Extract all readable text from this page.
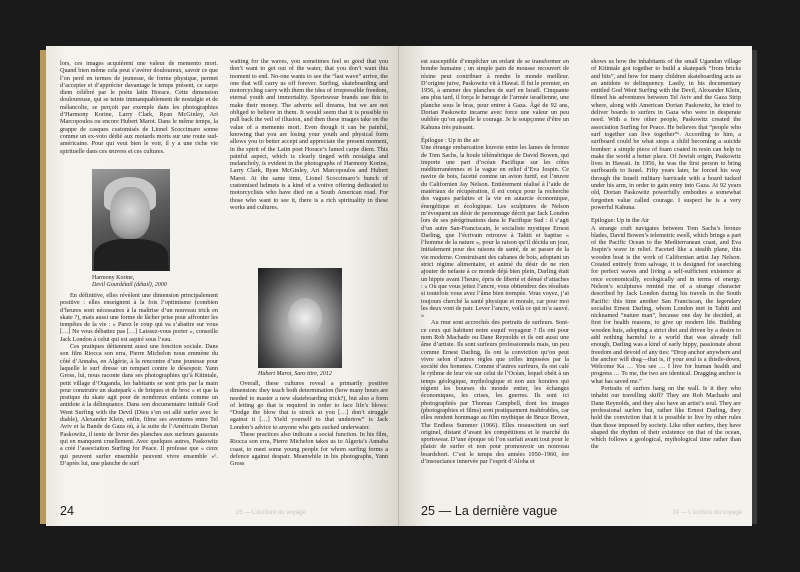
lors, ces images acquièrent une valeur de memento mori. Quand bien même cela peut s’avérer douloureux, savoir ce que l’on perd en termes de jeunesse, de forme physique, permet d’accepter et d’apprécier davantage le temps présent, ce carpe diem célébré par le poète latin Horace. Cette dimension douloureuse, qui se teinte immanquablement de nostalgie et de mélancolie, se perçoit par exemple dans les photographies d’Harmony Korine, Larry Clark, Ryan McGinley, Ari Marcopoulos ou encore Hubert Marot. Dans le même temps, la grappe de casques customisés de Lionel Scoccimaro sonne comme un ex-voto dédié aux motards morts sur une route sud-américaine. Pour qui veut bien le voir, il y a une riche vie spirituelle dans ces œuvres et ces cultures.

Harmony Korine,
Devil Gourdétail (détail), 2000

En définitive, elles révèlent une dimension principalement positive : elles enseignent à la fois l’optimisme (combien d’heures sont nécessaires à la maîtrise d’un nouveau trick en skate ?), mais aussi une forme de lâcher prise pour affronter les tempêtes de la vie : « Parez le coup qui va s’abattre sur vous […] Ne vous débattez pas […] Laissez-vous porter », conseille Jack London à celui qui est aspiré sous l’eau.

Ces pratiques détiennent aussi une fonction sociale. Dans son film Riocca son erra, Pierre Michelon nous emmène du côté d’Annaba, en Algérie, à la rencontre d’une jeunesse pour laquelle le surf dresse un rempart contre le désespoir. Yann Gross, lui, nous raconte dans ses photographies qu’à Kitintale, petit village d’Ouganda, les habitants se sont pris par la main pour construire un skatepark « de briques et de broc » et que la pratique du skate agit pour de nombreux enfants comme un antidote à la délinquance. Dans son documentaire intitulé God Went Surfing with the Devil (Dieu s’en est allé surfer avec le diable), Alexander Klein, enfin, filme ses aventures entre Tel Aviv et la Bande de Gaza où, à la suite de l’Américain Dorian Paskowitz, il tente de livrer des planches aux surfeurs gazaouis qui en manquent cruellement. Avec quelques autres, Paskowitz a créé l’association Surfing for Peace. Il professe que « ceux qui peuvent surfer ensemble peuvent vivre ensemble »⁶. D’après lui, une planche de surf

waiting for the waves, you sometimes feel so good that you don’t want to get out of the water, that you don’t want this moment to end. No-one wants to see the “last wave” arrive, the one that will carry us off forever. Surfing, skateboarding and motorcycling carry with them the idea of irrepressible freedom, eternal youth and immortality. Sportswear brands use this to make their money. The adverts sell dreams, but we are not obliged to believe in them. It would seem that it is possible to pull back the veil of illusion, and then these images take on the value of a memento mori. Even though it can be painful, knowing that you are losing your youth and physical form allows you to better accept and appreciate the present moment, in the spirit of the Latin poet Horace’s famed carpe diem. This painful aspect, which is clearly tinged with nostalgia and melancholy, is evident in the photographs of Harmony Korine, Larry Clark, Ryan McGinley, Ari Marcopoulos and Hubert Marot. At the same time, Lionel Scoccimaro’s bunch of customised helmets is a kind of a votive offering dedicated to motorcyclists who have died on a South American road. For those who want to see it, there is a rich spirituality in these works and cultures.

Hubert Marot, Sans titre, 2012

Overall, these cultures reveal a primarily positive dimension: they teach both determination (how many hours are needed to master a new skateboarding trick?), but also a form of letting go that is required in order to face life’s blows: “Dodge the blow that is struck at you […] don’t struggle against it […] Yield yourself to that undertow” is Jack London’s advice to anyone who gets sucked underwater.

These practices also indicate a social function. In his film, Riocca son erra, Pierre Michelon takes us to Algeria’s Annaba coast, to meet some young people for whom surfing forms a defence against despair. Meanwhile in his photographs, Yann Gross

24	25 — L’écriture du voyage

est susceptible d’empêcher un enfant de se transformer en bombe humaine ; un simple pain de mousse recouvert de résine peut contribuer à rendre le monde meilleur. D’origine juive, Paskowitz vit à Hawaï. Il fut le premier, en 1956, à amener des planches de surf en Israël. Cinquante ans plus tard, il força le barrage de l’armée israélienne, une planche sous le bras, pour entrer à Gaza. Âgé de 92 ans, Dorian Paskowitz incarne avec force une valeur un peu oubliée qu’on appelle le courage. Je le soupçonne d’être un Kahuna très puissant.

Épilogue : Up in the air

Une étrange embarcation louvoie entre les lames de bronze de Tom Sachs, la houle télémétrique de David Bowen, qui importe une part d’océan Pacifique sur les côtes méditerranéennes et la vague en relief d’Eva Jospin. Ce navire de bois, facetté comme un avion furtif, est l’œuvre du Californien Jay Nelson. Entièrement réalisé à l’aide de matériaux de récupération, il est conçu pour la recherche des vagues parfaites et la vie en autarcie économique, énergétique et écologique. Les sculptures de Nelson m’évoquent un désir de personnage décrit par Jack London lors de ses pérégrinations dans le Pacifique Sud : il s’agit d’un autre San-Franciscain, le socialiste mystique Ernest Darling, que l’écrivain retrouve à Tahiti et baptise « l’homme de la nature », pour la raison qu’il décida un jour, initialement pour des raisons de santé, de se passer de la vie moderne. Construisant des cabanes de bois, adoptant un strict régime alimentaire, et animé du désir de ne rien ajouter de nefaste à ce monde déjà bien plein, Darling était un hippie avant l’heure, épris de liberté et dénué d’attaches : « Où que vous jetiez l’ancre, vous obtiendrez des résultats si toutefois vous avez l’âme bien trempée. Vous voyez, j’ai toujours cherché la santé physique et morale, car pour moi les deux vont de pair. Lever l’ancre, voilà ce qui m’a sauvé. »

Au rnur sont accrochés des portraits de surfeurs. Sont-ce ceux qui habitent notre esquif voyageur ? Ils ont pour nom Rob Machado ou Dane Reynolds et ils ont aussi une âme d’artiste. Ils sont surfeurs professionnels mais, un peu comme Ernest Darling, ils ont la conviction qu’on peut vivre selon d’autres règles que celles imposées par la société des hommes. Comme d’autres surfeurs, ils ont calé le rythme de leur vie sur celui de l’Océan, lequel obéit à un temps géologique, mythologique et non aux horaires qui régient les bourses du monde entier, les échanges économiques, les crises, les guerres. Ils sont ici photographiés par Thomas Campbell, dont les images (photographies et films) sont pratiquement inaltérables, car elles rendent hommage au film mythique de Bruce Brown, The Endless Summer (1966). Elles ressuscitent un surf originel, distant d’avant les compétitions et le marché du sportswear. D’une époque où l’on surfait avant tout pour le plaisir de surfer et non pour promouvoir un nouveau boardshort. C’est le temps des années 1950–1960, ère d’insouciance innervée par l’esprit d’Aloha et

shows us how the inhabitants of the small Ugandan village of Kitintale got together to build a skatepark “from bricks and bits”, and how for many children skateboarding acts as an antidote to delinquency. Lastly, in his documentary entitled God Went Surfing with the Devil, Alexander Klein, filmed his adventures between Tel Aviv and the Gaza Strip where, along with American Dorian Paskowitz, he tried to deliver boards to surfers in Gaza who were in desperate need. With a few other people, Paskowitz created the association Surfing for Peace. He believes that “people who surf together can live together”⁶. According to him, a surfboard could be what stops a child becoming a suicide bomber: a simple piece of foam coated in resin can help to make the world a better place. Of Jewish origin, Paskowitz lives in Hawaii. In 1956, he was the first person to bring surfboards to Israel. Fifty years later, he forced his way through the Israeli military barricade with a board tucked under his arm, in order to gain entry into Gaza. At 92 years old, Dorian Paskowitz powerfully embodies a somewhat forgotten value called courage. I suspect he is a very powerful Kahuna.

Epilogue: Up in the Air

A strange craft navigates between Tom Sachs’s bronze blades, David Bowen’s telemetric swell, which brings a part of the Pacific Ocean to the Mediterranean coast, and Eva Jospin’s wave in relief. Faceted like a stealth plane, this wooden boat is the work of Californian artist Jay Nelson. Created entirely from salvage, it is designed for searching for perfect waves and living a self-sufficient existence at once economically, ecologically and in terms of energy. Nelson’s sculptures remind me of a strange character described by Jack London during his travels in the South Pacific: this time another San Franciscan, the legendary socialist Ernest Darling, whom London met in Tahiti and nicknamed “nature man”, because one day he decided, at first for health reasons, to give up modern life. Building wooden huts, adopting a strict diet and driven by a desire to add nothing harmful to a world that was already full enough, Darling was a kind of early hippy, passionate about freedom and devoid of any ties: “Drop anchor anywhere and the anchor will drag—that is, if your soul is a thistle-down, Welcome Ka … You see … I live for human health and progress … To me, the two are identical. Dragging anchor is what has saved me.”

Portraits of surfers hang on the wall. Is it they who inhabit our travelling skiff? They are Rob Machado and Dane Reynolds, and they also have an artist’s soul. They are professional surfers but, rather like Ernest Darling, they hold the conviction that it is possible to live by other rules than those imposed by society. Like other surfers, they have shaped the rhythm of their existence on that of the ocean, which follows a geological, mythological time rather than the

25 — La dernière vague	24 — L’écriture du voyage
